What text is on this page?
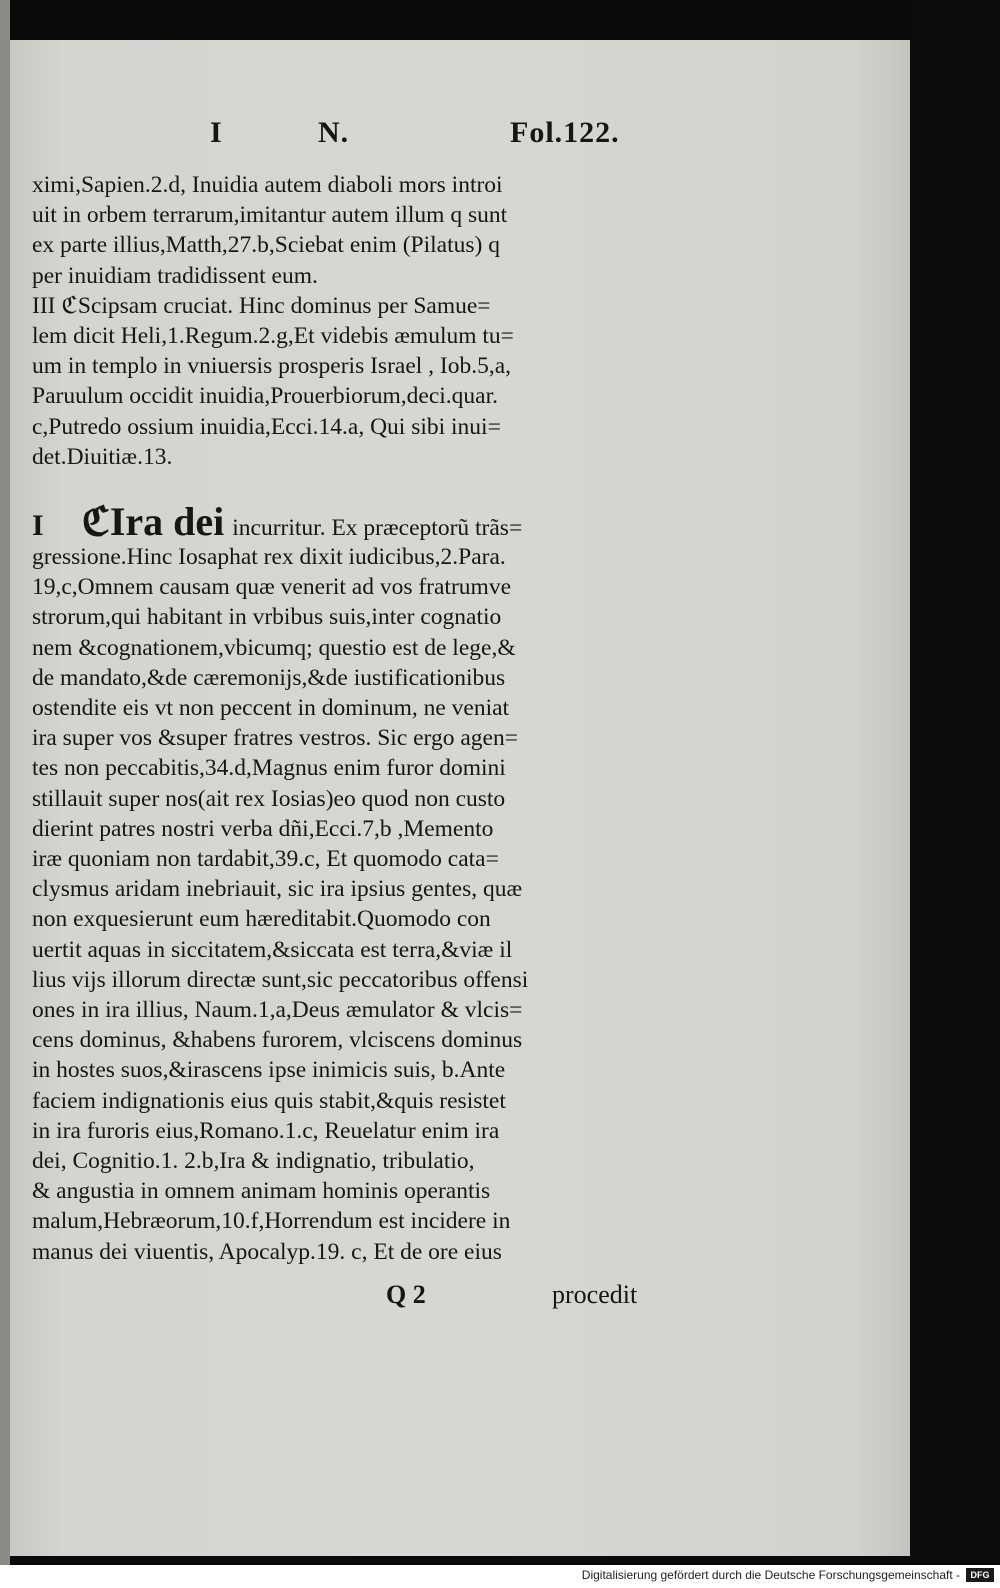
I	N.	Fol.122.
ximi,Sapien.2.d, Inuidia autem diaboli mors introi
uit in orbem terrarum,imitantur autem illum q sunt
ex parte illius,Matth,27.b,Sciebat enim (Pilatus) q
per inuidiam tradidissent eum.
III ℭScipsam cruciat. Hinc dominus per Samue=
lem dicit Heli,1.Regum.2.g,Et videbis æmulum tu=
um in templo in vniuersis prosperis Israel , Iob.5,a,
Paruulum occidit inuidia,Prouerbiorum,deci.quar.
c,Putredo ossium inuidia,Ecci.14.a, Qui sibi inui=
det.Diuitiæ.13.
I ℭIra dei incurritur. Ex præceptorũ trãs=
gressione.Hinc Iosaphat rex dixit iudicibus,2.Para.
19,c,Omnem causam quæ venerit ad vos fratrumve
strorum,qui habitant in vrbibus suis,inter cognatio
nem &cognationem,vbicumq; questio est de lege,&
de mandato,&de cæremonijs,&de iustificationibus
ostendite eis vt non peccent in dominum, ne veniat
ira super vos &super fratres vestros. Sic ergo agen=
tes non peccabitis,34.d,Magnus enim furor domini
stillauit super nos(ait rex Iosias)eo quod non custo
dierint patres nostri verba dñi,Ecci.7,b ,Memento
iræ quoniam non tardabit,39.c, Et quomodo cata=
clysmus aridam inebriauit, sic ira ipsius gentes, quæ
non exquesierunt eum hæreditabit.Quomodo con
uertit aquas in siccitatem,&siccata est terra,&viæ il
lius vijs illorum directæ sunt,sic peccatoribus offensi
ones in ira illius, Naum.1,a,Deus æmulator & vlcis=
cens dominus, &habens furorem, vlciscens dominus
in hostes suos,&irascens ipse inimicis suis, b.Ante
faciem indignationis eius quis stabit,&quis resistet
in ira furoris eius,Romano.1.c, Reuelatur enim ira
dei, Cognitio.1. 2.b,Ira & indignatio, tribulatio,
& angustia in omnem animam hominis operantis
malum,Hebræorum,10.f,Horrendum est incidere in
manus dei viuentis, Apocalyp.19. c, Et de ore eius
Q 2	procedit
Digitalisierung gefördert durch die Deutsche Forschungsgemeinschaft -	DFG
